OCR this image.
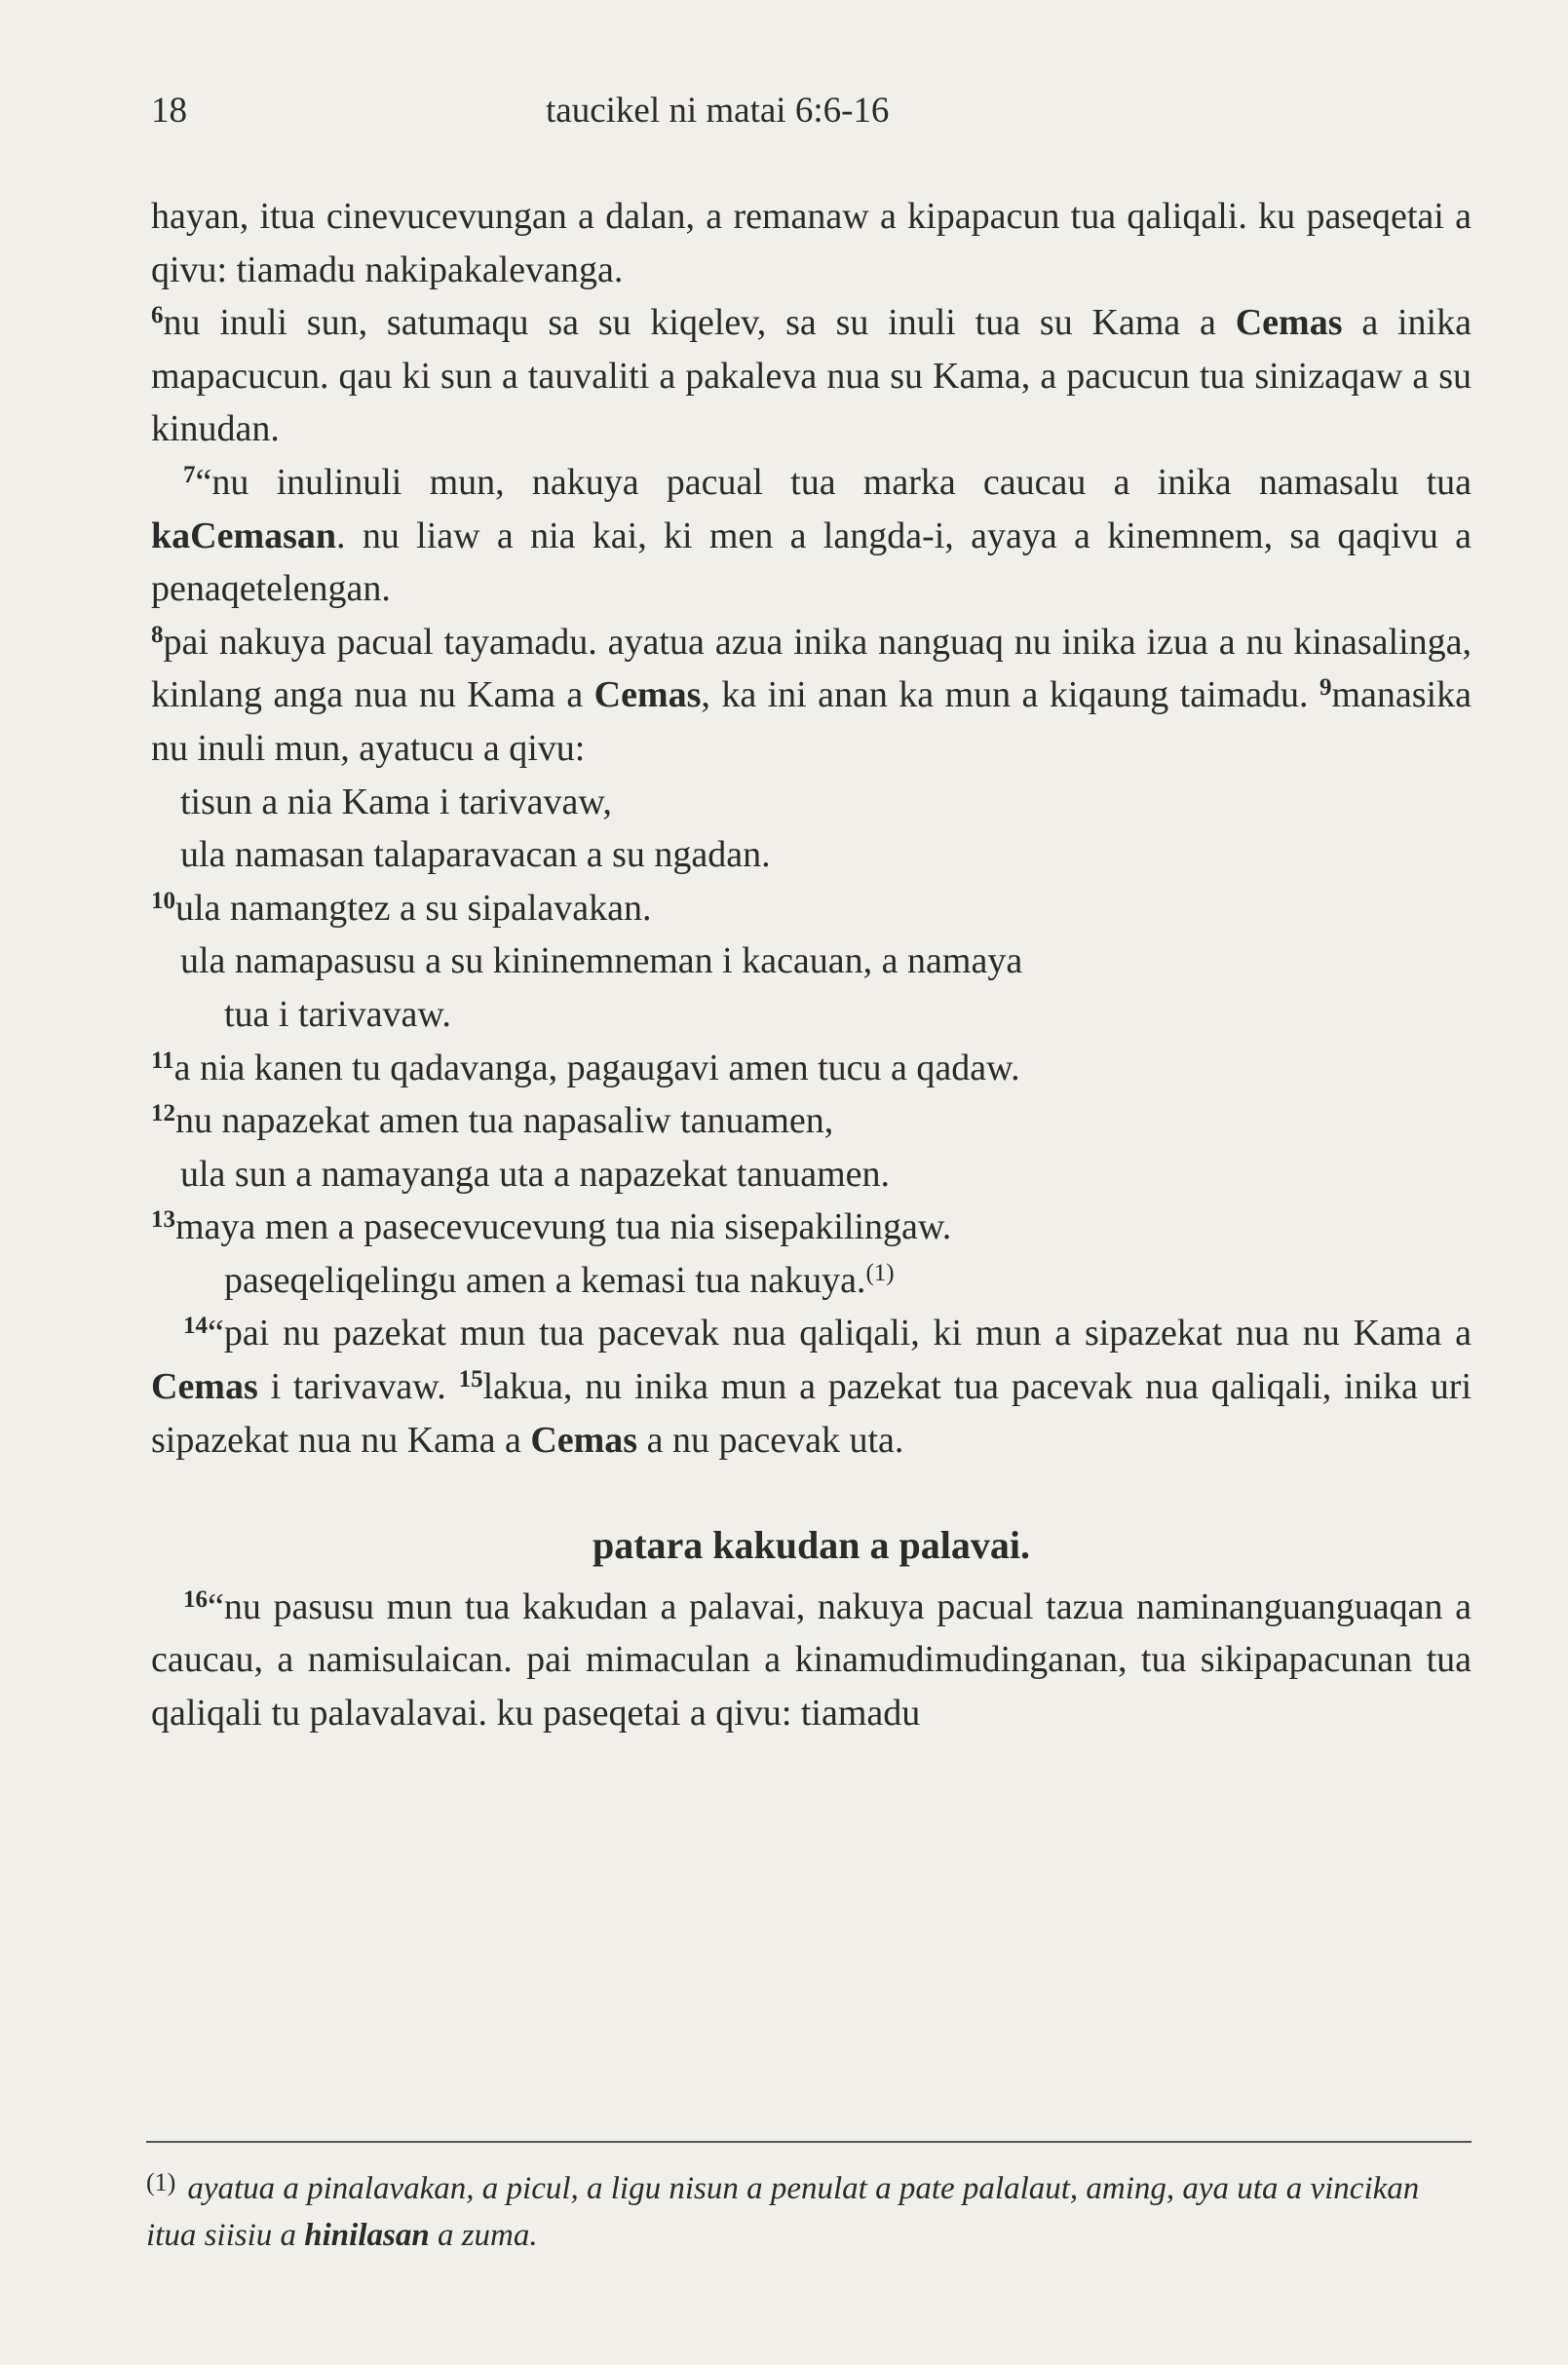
18	taucikel ni matai 6:6-16

hayan, itua cinevucevungan a dalan, a remanaw a kipapacun tua qaliqali. ku paseqetai a qivu: tiamadu nakipakalevanga.
$^6$nu inuli sun, satumaqu sa su kiqelev, sa su inuli tua su Kama a Cemas a inika mapacucun. qau ki sun a tauvaliti a pakaleva nua su Kama, a pacucun tua sinizaqaw a su kinudan.

$^7$“nu inulinuli mun, nakuya pacual tua marka caucau a inika namasalu tua kaCemasan. nu liaw a nia kai, ki men a langda-i, ayaya a kinemnem, sa qaqivu a penaqetelengan.
$^8$pai nakuya pacual tayamadu. ayatua azua inika nanguaq nu inika izua a nu kinasalinga, kinlang anga nua nu Kama a Cemas, ka ini anan ka mun a kiqaung taimadu. $^9$manasika nu inuli mun, ayatucu a qivu:

tisun a nia Kama i tarivavaw,
ula namasan talaparavacan a su ngadan.
$^{10}$ula namangtez a su sipalavakan.
ula namapasusu a su kininemneman i kacauan, a namaya
tua i tarivavaw.
$^{11}$a nia kanen tu qadavanga, pagaugavi amen tucu a qadaw.
$^{12}$nu napazekat amen tua napasaliw tanuamen,
ula sun a namayanga uta a napazekat tanuamen.
$^{13}$maya men a pasecevucevung tua nia sisepakilingaw.
paseqeliqelingu amen a kemasi tua nakuya.$^{(1)}$

$^{14}$“pai nu pazekat mun tua pacevak nua qaliqali, ki mun a sipazekat nua nu Kama a Cemas i tarivavaw. $^{15}$lakua, nu inika mun a pazekat tua pacevak nua qaliqali, inika uri sipazekat nua nu Kama a Cemas a nu pacevak uta.

patara kakudan a palavai.

$^{16}$“nu pasusu mun tua kakudan a palavai, nakuya pacual tazua naminanguanguaqan a caucau, a namisulaican. pai mimaculan a kinamudimudinganan, tua sikipapacunan tua qaliqali tu palavalavai. ku paseqetai a qivu: tiamadu

$^{(1)}$ ayatua a pinalavakan, a picul, a ligu nisun a penulat a pate palalaut, aming, aya uta a vincikan itua siisiu a hinilasan a zuma.
